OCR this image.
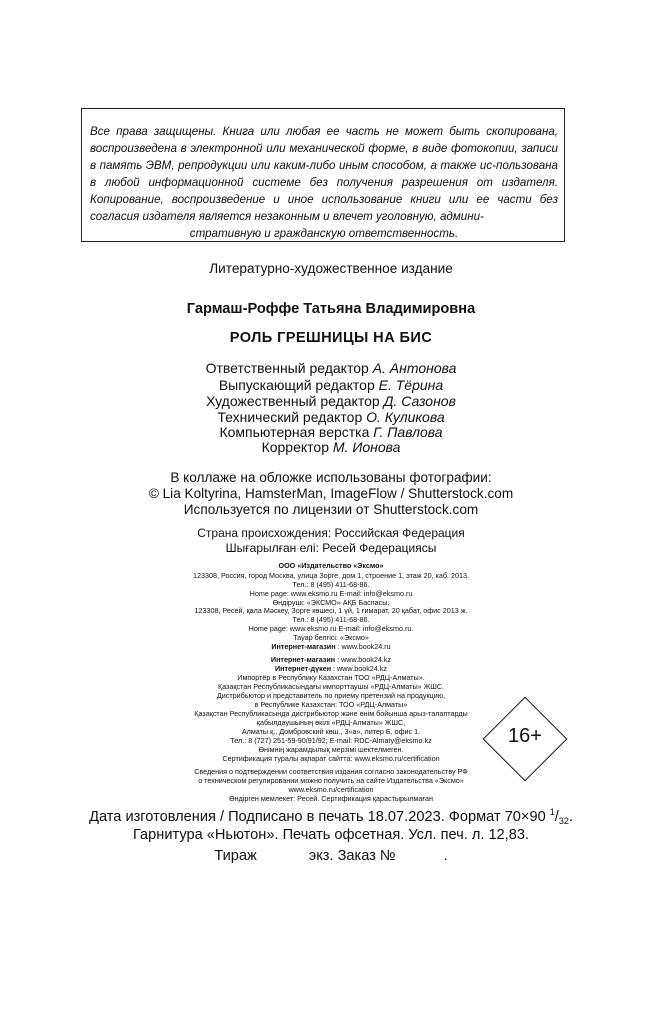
Все права защищены. Книга или любая ее часть не может быть скопирована, воспроизведена в электронной или механической форме, в виде фотокопии, записи в память ЭВМ, репродукции или каким-либо иным способом, а также ис-пользована в любой информационной системе без получения разрешения от издателя. Копирование, воспроизведение и иное использование книги или ее части без согласия издателя является незаконным и влечет уголовную, админи-
стративную и гражданскую ответственность.

Литературно-художественное издание
Гармаш-Роффе Татьяна Владимировна
РОЛЬ ГРЕШНИЦЫ НА БИС
Ответственный редактор А. Антонова
Выпускающий редактор Е. Тёрина
Художественный редактор Д. Сазонов
Технический редактор О. Куликова
Компьютерная верстка Г. Павлова
Корректор М. Ионова
В коллаже на обложке использованы фотографии:
© Lia Koltyrina, HamsterMan, ImageFlow / Shutterstock.com
Используется по лицензии от Shutterstock.com
Страна происхождения: Российская Федерация
Шығарылған елі: Ресей Федерациясы
ООО «Издательство «Эксмо»
123308, Россия, город Москва, улица Зорге, дом 1, строение 1, этаж 20, каб. 2013.
Тел.: 8 (495) 411-68-86.
Home page: www.eksmo.ru E-mail: info@eksmo.ru
Өндіруші: «ЭКСМО» АҚБ Баспасы,
123308, Ресей, қала Мәскеу, Зорге көшесі, 1 үй, 1 ғимарат, 20 қабат, офис 2013 ж.
Тел.: 8 (495) 411-68-86.
Home page: www.eksmo.ru E-mail: info@eksmo.ru.
Тауар белгісі: «Эксмо»
Интернет-магазин : www.book24.ru
Интернет-магазин : www.book24.kz
Интернет-дүкен : www.book24.kz
Импортёр в Республику Казахстан ТОО «РДЦ-Алматы».
Қазақстан Республикасындағы импорттаушы «РДЦ-Алматы» ЖШС.
Дистрибьютор и представитель по приему претензий на продукцию,
в Республике Казахстан: ТОО «РДЦ-Алматы»
Қазақстан Республикасында дистрибьютор және өнім бойынша арыз-талаптарды
қабылдаушының өкілі «РДЦ-Алматы» ЖШС,
Алматы қ., Домбровский көш., 3«а», литер Б, офис 1.
Тел.: 8 (727) 251-59-90/91/92; E-mail: RDC-Almaty@eksmo.kz
Өнімнің жарамдылық мерзімі шектелмеген.
Сертификация туралы ақпарат сайтта: www.eksmo.ru/certification
Сведения о подтверждении соответствия издания согласно законодательству РФ
о техническом регулировании можно получить на сайте Издательства «Эксмо»
www.eksmo.ru/certification
Өндірген мемлекет: Ресей. Сертификация қарастырылмаған
16+
Дата изготовления / Подписано в печать 18.07.2023. Формат 70×90 $^1/_{32}$.
Гарнитура «Ньютон». Печать офсетная. Усл. печ. л. 12,83.
Тираж	экз. Заказ №	.
